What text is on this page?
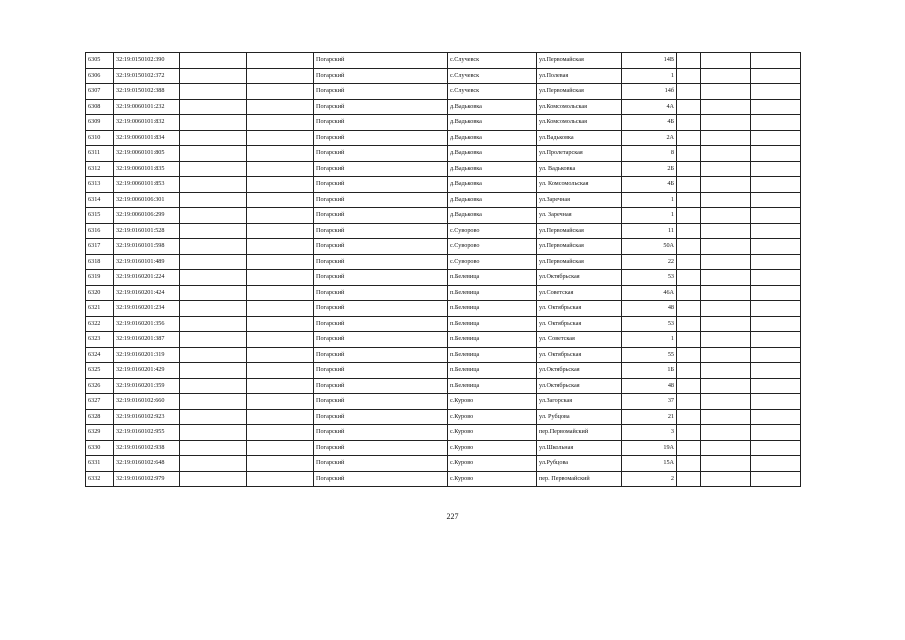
6305	32:19:0150102:390			Погарский	с.Случевск	ул.Первомайская	14В			
6306	32:19:0150102:372			Погарский	с.Случевск	ул.Полевая	1			
6307	32:19:0150102:388			Погарский	с.Случевск	ул.Первомайская	14б			
6308	32:19:0060101:232			Погарский	д.Вадьковка	ул.Комсомольская	4А			
6309	32:19:0060101:832			Погарский	д.Вадьковка	ул.Комсомольская	4Б			
6310	32:19:0060101:834			Погарский	д.Вадьковка	ул.Вадьковка	2А			
6311	32:19:0060101:805			Погарский	д.Вадьковка	ул.Пролетарская	8			
6312	32:19:0060101:835			Погарский	д.Вадьковка	ул. Вадьковка	2Б			
6313	32:19:0060101:853			Погарский	д.Вадьковка	ул. Комсомольская	4Б			
6314	32:19:0060106:301			Погарский	д.Вадьковка	ул.Заречная	1			
6315	32:19:0060106:299			Погарский	д.Вадьковка	ул. Заречная	1			
6316	32:19:0160101:528			Погарский	с.Суворово	ул.Первомайская	11			
6317	32:19:0160101:598			Погарский	с.Суворово	ул.Первомайская	50А			
6318	32:19:0160101:489			Погарский	с.Суворово	ул.Первомайская	22			
6319	32:19:0160201:224			Погарский	п.Белевица	ул.Октябрьская	53			
6320	32:19:0160201:424			Погарский	п.Белевица	ул.Советская	46А			
6321	32:19:0160201:234			Погарский	п.Белевица	ул. Октябрьская	48			
6322	32:19:0160201:356			Погарский	п.Белевица	ул. Октябрьская	53			
6323	32:19:0160201:387			Погарский	п.Белевица	ул. Советская	1			
6324	32:19:0160201:319			Погарский	п.Белевица	ул. Октябрьская	55			
6325	32:19:0160201:429			Погарский	п.Белевица	ул.Октябрьская	1Б			
6326	32:19:0160201:359			Погарский	п.Белевица	ул.Октябрьская	48			
6327	32:19:0160102:660			Погарский	с.Курово	ул.Загорская	37			
6328	32:19:0160102:923			Погарский	с.Курово	ул. Рубцова	21			
6329	32:19:0160102:955			Погарский	с.Курово	пер.Первомайский	3			
6330	32:19:0160102:938			Погарский	с.Курово	ул.Школьная	19А			
6331	32:19:0160102:648			Погарский	с.Курово	ул.Рубцова	15А			
6332	32:19:0160102:979			Погарский	с.Курово	пер. Первомайский	2			
227
